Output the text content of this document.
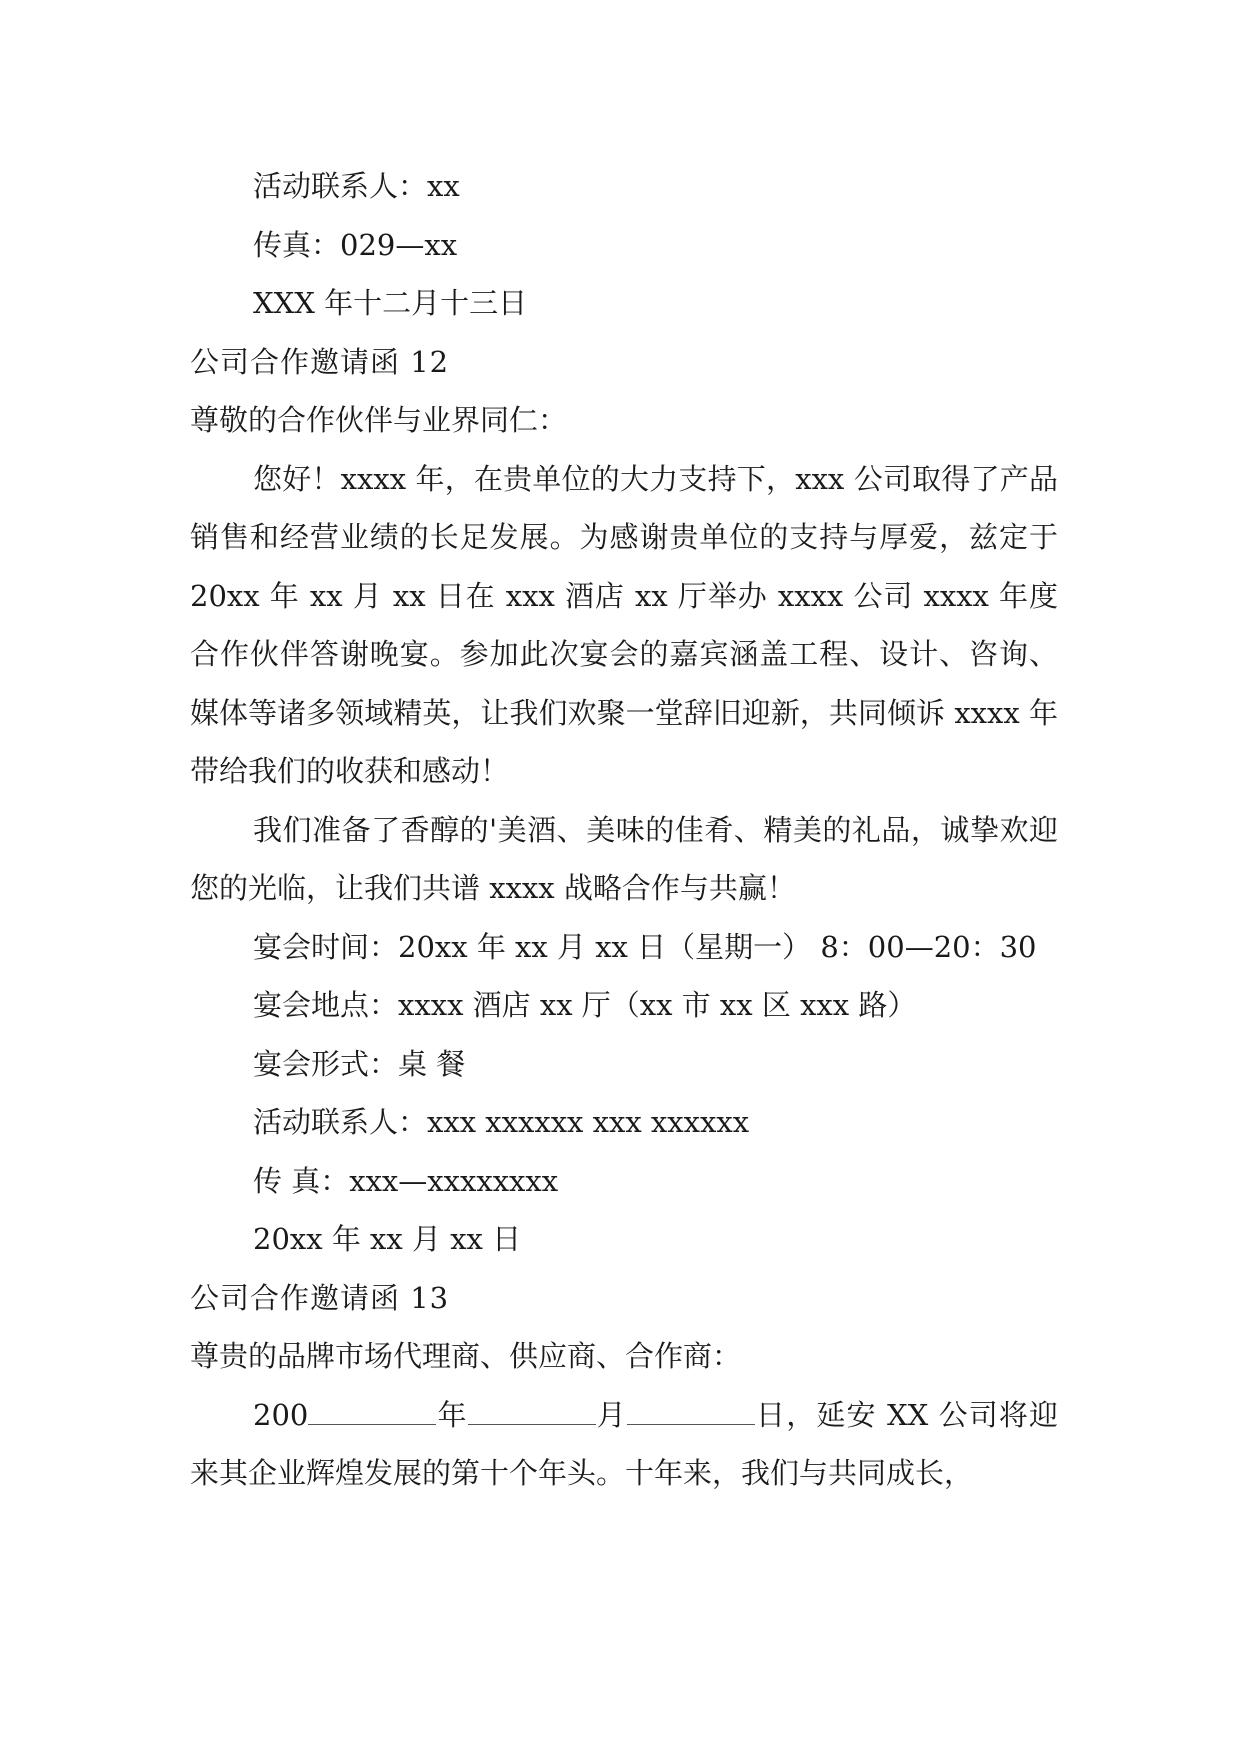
活动联系人：xx
传真：029—xx
XXX 年十二月十三日
公司合作邀请函 12
尊敬的合作伙伴与业界同仁：
您好！xxxx 年，在贵单位的大力支持下，xxx 公司取得了产品销售和经营业绩的长足发展。为感谢贵单位的支持与厚爱，兹定于 20xx 年 xx 月 xx 日在 xxx 酒店 xx 厅举办 xxxx 公司 xxxx 年度合作伙伴答谢晚宴。参加此次宴会的嘉宾涵盖工程、设计、咨询、媒体等诸多领域精英，让我们欢聚一堂辞旧迎新，共同倾诉 xxxx 年带给我们的收获和感动！
我们准备了香醇的'美酒、美味的佳肴、精美的礼品，诚挚欢迎您的光临，让我们共谱 xxxx 战略合作与共赢！
宴会时间：20xx 年 xx 月 xx 日（星期一） 8：00—20：30
宴会地点：xxxx 酒店 xx 厅（xx 市 xx 区 xxx 路）
宴会形式：桌 餐
活动联系人：xxx xxxxxx xxx xxxxxx
传 真：xxx—xxxxxxxx
20xx 年 xx 月 xx 日
公司合作邀请函 13
尊贵的品牌市场代理商、供应商、合作商：
200	年	月	日，延安 XX 公司将迎来其企业辉煌发展的第十个年头。十年来，我们与共同成长，
